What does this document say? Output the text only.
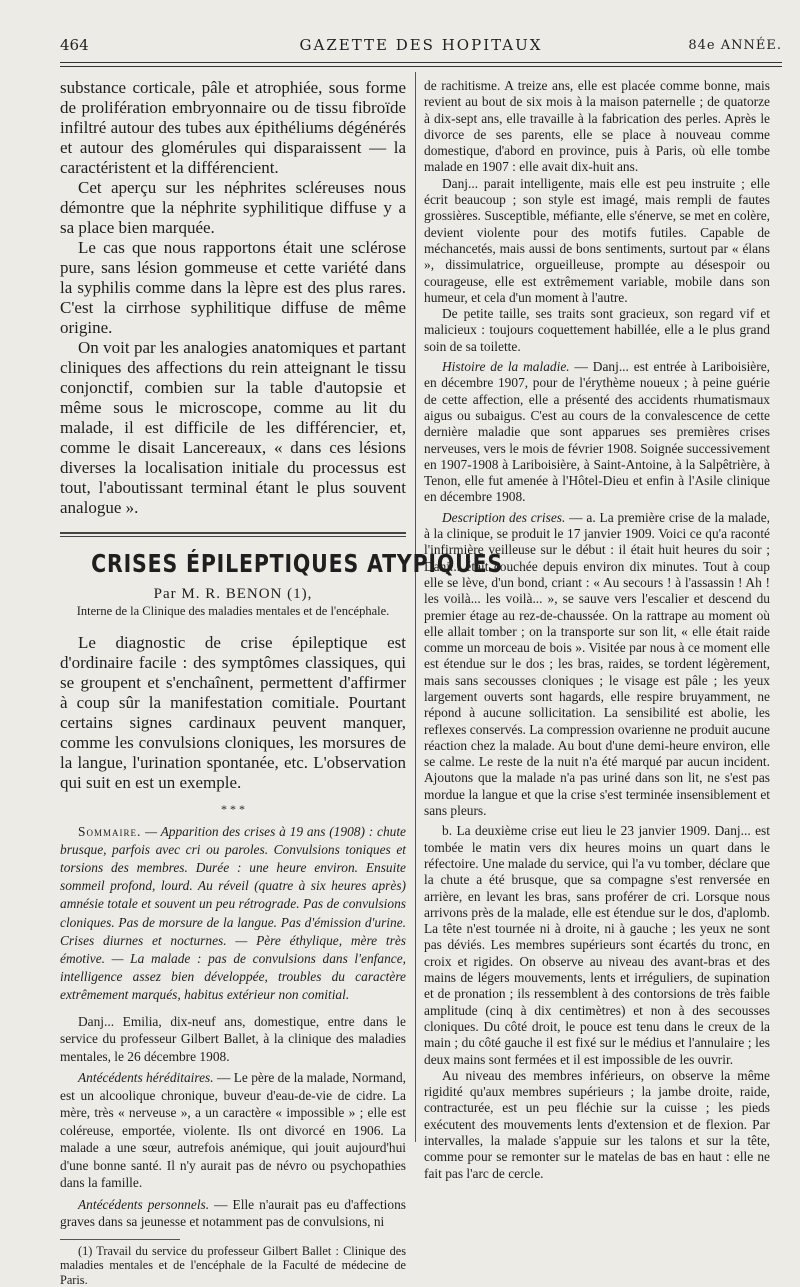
464	GAZETTE DES HOPITAUX	84e ANNÉE.

substance corticale, pâle et atrophiée, sous forme de prolifération embryonnaire ou de tissu fibroïde infiltré autour des tubes aux épithéliums dégénérés et autour des glomérules qui disparaissent — la caractéristent et la différencient.

Cet aperçu sur les néphrites scléreuses nous démontre que la néphrite syphilitique diffuse y a sa place bien marquée.

Le cas que nous rapportons était une sclérose pure, sans lésion gommeuse et cette variété dans la syphilis comme dans la lèpre est des plus rares. C'est la cirrhose syphilitique diffuse de même origine.

On voit par les analogies anatomiques et partant cliniques des affections du rein atteignant le tissu conjonctif, combien sur la table d'autopsie et même sous le microscope, comme au lit du malade, il est difficile de les différencier, et, comme le disait Lancereaux, « dans ces lésions diverses la localisation initiale du processus est tout, l'aboutissant terminal étant le plus souvent analogue ».

CRISES ÉPILEPTIQUES ATYPIQUES
Par M. R. BENON (1),
Interne de la Clinique des maladies mentales et de l'encéphale.

Le diagnostic de crise épileptique est d'ordinaire facile : des symptômes classiques, qui se groupent et s'enchaînent, permettent d'affirmer à coup sûr la manifestation comitiale. Pourtant certains signes cardinaux peuvent manquer, comme les convulsions cloniques, les morsures de la langue, l'urination spontanée, etc. L'observation qui suit en est un exemple.

* * *

Sommaire. — Apparition des crises à 19 ans (1908) : chute brusque, parfois avec cri ou paroles. Convulsions toniques et torsions des membres. Durée : une heure environ. Ensuite sommeil profond, lourd. Au réveil (quatre à six heures après) amnésie totale et souvent un peu rétrograde. Pas de convulsions cloniques. Pas de morsure de la langue. Pas d'émission d'urine. Crises diurnes et nocturnes. — Père éthylique, mère très émotive. — La malade : pas de convulsions dans l'enfance, intelligence assez bien développée, troubles du caractère extrêmement marqués, habitus extérieur non comitial.

Danj... Emilia, dix-neuf ans, domestique, entre dans le service du professeur Gilbert Ballet, à la clinique des maladies mentales, le 26 décembre 1908.

Antécédents héréditaires. — Le père de la malade, Normand, est un alcoolique chronique, buveur d'eau-de-vie de cidre. La mère, très « nerveuse », a un caractère « impossible » ; elle est coléreuse, emportée, violente. Ils ont divorcé en 1906. La malade a une sœur, autrefois anémique, qui jouit aujourd'hui d'une bonne santé. Il n'y aurait pas de névro ou psychopathies dans la famille.

Antécédents personnels. — Elle n'aurait pas eu d'affections graves dans sa jeunesse et notamment pas de convulsions, ni

(1) Travail du service du professeur Gilbert Ballet : Clinique des maladies mentales et de l'encéphale de la Faculté de médecine de Paris.

de rachitisme. A treize ans, elle est placée comme bonne, mais revient au bout de six mois à la maison paternelle ; de quatorze à dix-sept ans, elle travaille à la fabrication des perles. Après le divorce de ses parents, elle se place à nouveau comme domestique, d'abord en province, puis à Paris, où elle tombe malade en 1907 : elle avait dix-huit ans.

Danj... parait intelligente, mais elle est peu instruite ; elle écrit beaucoup ; son style est imagé, mais rempli de fautes grossières. Susceptible, méfiante, elle s'énerve, se met en colère, devient violente pour des motifs futiles. Capable de méchancetés, mais aussi de bons sentiments, surtout par « élans », dissimulatrice, orgueilleuse, prompte au désespoir ou courageuse, elle est extrêmement variable, mobile dans son humeur, et cela d'un moment à l'autre.

De petite taille, ses traits sont gracieux, son regard vif et malicieux : toujours coquettement habillée, elle a le plus grand soin de sa toilette.

Histoire de la maladie. — Danj... est entrée à Lariboisière, en décembre 1907, pour de l'érythème noueux ; à peine guérie de cette affection, elle a présenté des accidents rhumatismaux aigus ou subaigus. C'est au cours de la convalescence de cette dernière maladie que sont apparues ses premières crises nerveuses, vers le mois de février 1908. Soignée successivement en 1907-1908 à Lariboisière, à Saint-Antoine, à la Salpêtrière, à Tenon, elle fut amenée à l'Hôtel-Dieu et enfin à l'Asile clinique en décembre 1908.

Description des crises. — a. La première crise de la malade, à la clinique, se produit le 17 janvier 1909. Voici ce qu'a raconté l'infirmière veilleuse sur le début : il était huit heures du soir ; Danj... était couchée depuis environ dix minutes. Tout à coup elle se lève, d'un bond, criant : « Au secours ! à l'assassin ! Ah ! les voilà... les voilà... », se sauve vers l'escalier et descend du premier étage au rez-de-chaussée. On la rattrape au moment où elle allait tomber ; on la transporte sur son lit, « elle était raide comme un morceau de bois ». Visitée par nous à ce moment elle est étendue sur le dos ; les bras, raides, se tordent légèrement, mais sans secousses cloniques ; le visage est pâle ; les yeux largement ouverts sont hagards, elle respire bruyamment, ne répond à aucune sollicitation. La sensibilité est abolie, les reflexes conservés. La compression ovarienne ne produit aucune réaction chez la malade. Au bout d'une demi-heure environ, elle se calme. Le reste de la nuit n'a été marqué par aucun incident. Ajoutons que la malade n'a pas uriné dans son lit, ne s'est pas mordue la langue et que la crise s'est terminée insensiblement et sans pleurs.

b. La deuxième crise eut lieu le 23 janvier 1909. Danj... est tombée le matin vers dix heures moins un quart dans le réfectoire. Une malade du service, qui l'a vu tomber, déclare que la chute a été brusque, que sa compagne s'est renversée en arrière, en levant les bras, sans proférer de cri. Lorsque nous arrivons près de la malade, elle est étendue sur le dos, d'aplomb. La tête n'est tournée ni à droite, ni à gauche ; les yeux ne sont pas déviés. Les membres supérieurs sont écartés du tronc, en croix et rigides. On observe au niveau des avant-bras et des mains de légers mouvements, lents et irréguliers, de supination et de pronation ; ils ressemblent à des contorsions de très faible amplitude (cinq à dix centimètres) et non à des secousses cloniques. Du côté droit, le pouce est tenu dans le creux de la main ; du côté gauche il est fixé sur le médius et l'annulaire ; les deux mains sont fermées et il est impossible de les ouvrir.

Au niveau des membres inférieurs, on observe la même rigidité qu'aux membres supérieurs ; la jambe droite, raide, contracturée, est un peu fléchie sur la cuisse ; les pieds exécutent des mouvements lents d'extension et de flexion. Par intervalles, la malade s'appuie sur les talons et sur la tête, comme pour se remonter sur le matelas de bas en haut : elle ne fait pas l'arc de cercle.
